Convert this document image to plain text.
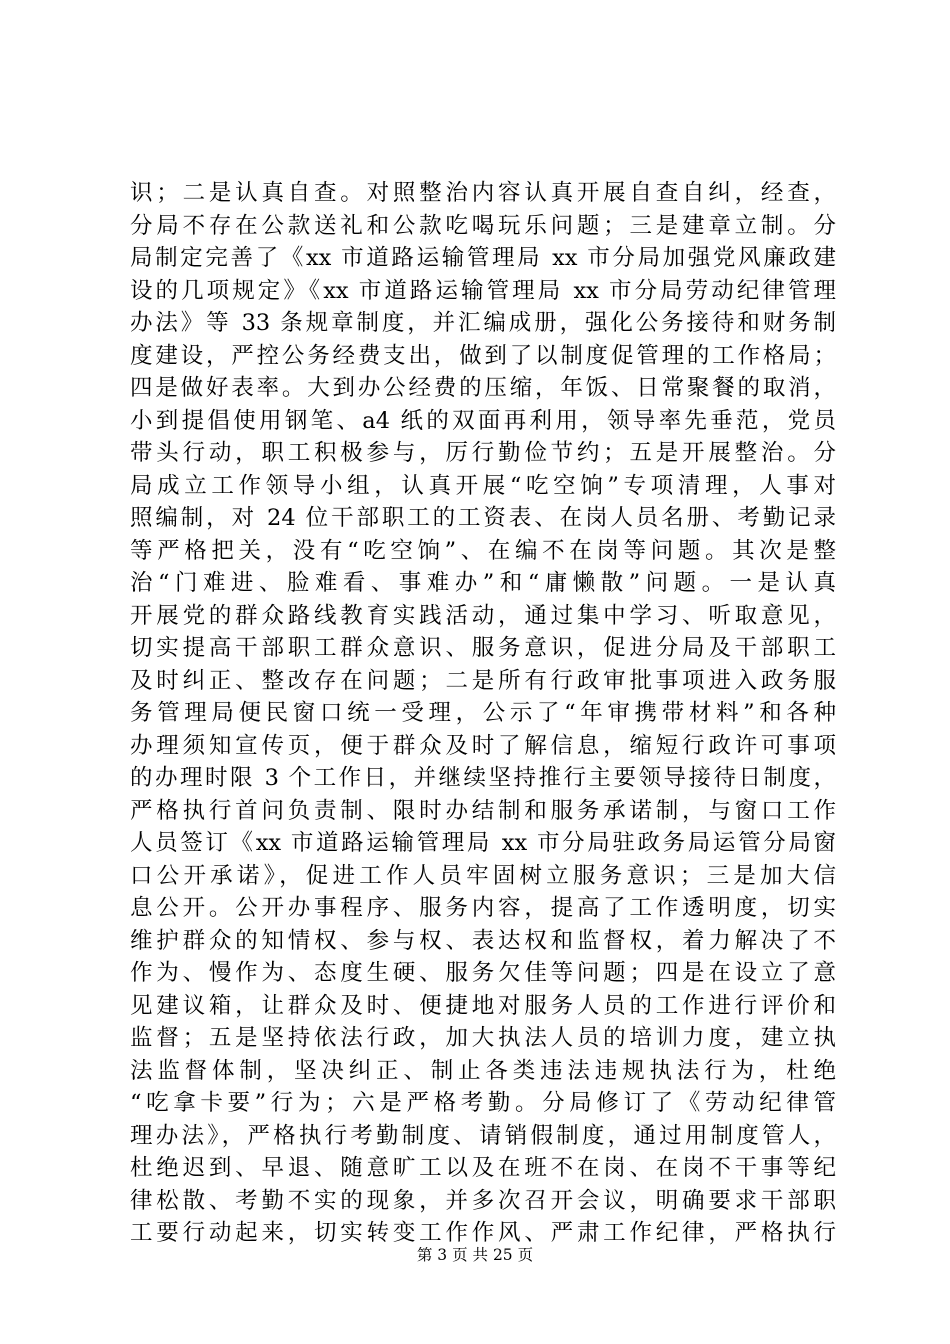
识；二是认真自查。对照整治内容认真开展自查自纠，经查，
分局不存在公款送礼和公款吃喝玩乐问题；三是建章立制。分
局制定完善了《xx 市道路运输管理局 xx 市分局加强党风廉政建
设的几项规定》《xx 市道路运输管理局 xx 市分局劳动纪律管理
办法》等 33 条规章制度，并汇编成册，强化公务接待和财务制
度建设，严控公务经费支出，做到了以制度促管理的工作格局；
四是做好表率。大到办公经费的压缩，年饭、日常聚餐的取消，
小到提倡使用钢笔、a4 纸的双面再利用，领导率先垂范，党员
带头行动，职工积极参与，厉行勤俭节约；五是开展整治。分
局成立工作领导小组，认真开展“吃空饷”专项清理，人事对
照编制，对 24 位干部职工的工资表、在岗人员名册、考勤记录
等严格把关，没有“吃空饷”、在编不在岗等问题。其次是整
治“门难进、脸难看、事难办”和“庸懒散”问题。一是认真
开展党的群众路线教育实践活动，通过集中学习、听取意见，
切实提高干部职工群众意识、服务意识，促进分局及干部职工
及时纠正、整改存在问题；二是所有行政审批事项进入政务服
务管理局便民窗口统一受理，公示了“年审携带材料”和各种
办理须知宣传页，便于群众及时了解信息，缩短行政许可事项
的办理时限 3 个工作日，并继续坚持推行主要领导接待日制度，
严格执行首问负责制、限时办结制和服务承诺制，与窗口工作
人员签订《xx 市道路运输管理局 xx 市分局驻政务局运管分局窗
口公开承诺》，促进工作人员牢固树立服务意识；三是加大信
息公开。公开办事程序、服务内容，提高了工作透明度，切实
维护群众的知情权、参与权、表达权和监督权，着力解决了不
作为、慢作为、态度生硬、服务欠佳等问题；四是在设立了意
见建议箱，让群众及时、便捷地对服务人员的工作进行评价和
监督；五是坚持依法行政，加大执法人员的培训力度，建立执
法监督体制，坚决纠正、制止各类违法违规执法行为，杜绝
“吃拿卡要”行为；六是严格考勤。分局修订了《劳动纪律管
理办法》，严格执行考勤制度、请销假制度，通过用制度管人，
杜绝迟到、早退、随意旷工以及在班不在岗、在岗不干事等纪
律松散、考勤不实的现象，并多次召开会议，明确要求干部职
工要行动起来，切实转变工作作风、严肃工作纪律，严格执行
第 3 页 共 25 页
